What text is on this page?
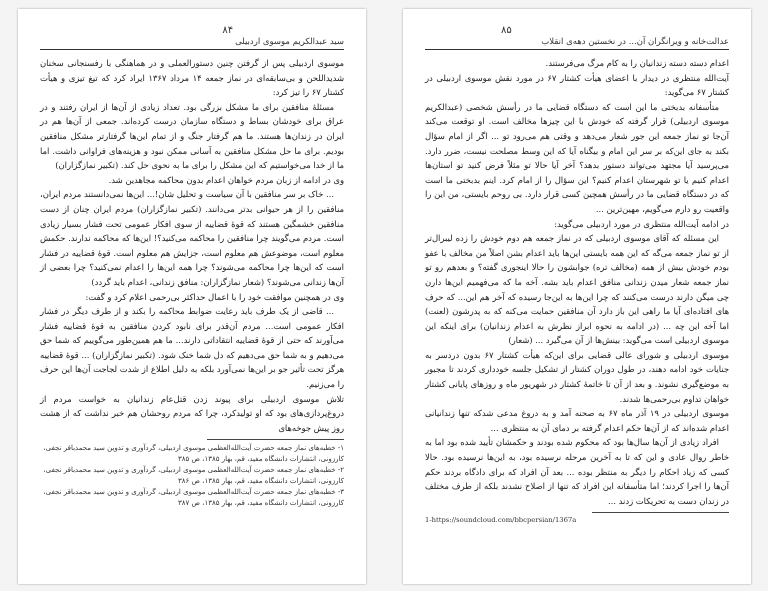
۸۴
سید عبدالکریم موسوی اردبیلی

موسوی اردبیلی پس از گرفتن چنین دستورالعملی و در هماهنگی با رفسنجانی سخنان شدیداللحن و بی‌سابقه‌ای در نماز جمعه ۱۴ مرداد ۱۳۶۷ ایراد کرد که تیغ تیزی و هیأت کشتار ۶۷ را تیز کرد:

مسئلهٔ منافقین برای ما مشکل بزرگی بود. تعداد زیادی از آن‌ها از ایران رفتند و در عراق برای خودشان بساط و دستگاه سازمان درست کرده‌اند. جمعی از آن‌ها هم در ایران در زندان‌ها هستند. ما هم گرفتار جنگ و از تمام این‌ها گرفتارتر مشکل منافقین بودیم. برای ما حل مشکل منافقین به آسانی ممکن نبود و هزینه‌های فراوانی داشت. اما ما از خدا می‌خواستیم که این مشکل را برای ما به نحوی حل کند. (تکبیر نمازگزاران)

وی در ادامه از زبان مردم خواهان اعدام بدون محاکمه مجاهدین شد.

... خاک بر سر منافقین با آن سیاست و تحلیل شان!... این‌ها نمی‌دانستند مردم ایران، منافقین را از هر حیوانی بدتر می‌دانند. (تکبیر نمازگزاران) مردم ایران چنان از دست منافقین خشمگین هستند که قوهٔ قضاییه از سوی افکار عمومی تحت فشار بسیار زیادی است. مردم می‌گویند چرا منافقین را محاکمه می‌کنید؟! این‌ها که محاکمه ندارند. حکمش معلوم است، موضوعش هم معلوم است، جزایش هم معلوم است. قوهٔ قضاییه در فشار است که این‌ها چرا محاکمه می‌شوند؟ چرا همه این‌ها را اعدام نمی‌کنید؟ چرا بعضی از آن‌ها زندانی می‌شوند؟ (شعار نمازگزاران: منافق زندانی، اعدام باید گردد)

وی در همچنین موافقت خود را با اعمال حداکثر بی‌رحمی اعلام کرد و گفت:

... قاضی از یک طرف باید رعایت ضوابط محاکمه را بکند و از طرف دیگر در فشار افکار عمومی است... مردم آن‌قدر برای نابود کردن منافقین به قوهٔ قضاییه فشار می‌آورند که حتی از قوهٔ قضاییه انتقاداتی دارند... ما هم همین‌طور می‌گوییم که شما حق می‌دهیم و به شما حق می‌دهیم که دل شما خنک شود. (تکبیر نمازگزاران) ... قوهٔ قضاییه هرگز تحت تأثیر جو بر این‌ها نمی‌آورد بلکه به دلیل اطلاع از شدت لجاجت آن‌ها این حرف را می‌زنیم.

تلاش موسوی اردبیلی برای پیوند زدن قتل‌عام زندانیان به خواست مردم از دروغ‌پردازی‌های بود که او تولیدکرد، چرا که مردم روحشان هم خبر نداشت که از هشت روز پیش جوخه‌های

۱- خطبه‌های نماز جمعه حضرت آیت‌الله‌العظمی موسوی اردبیلی، گردآوری و تدوین سید محمدباقر نجفی، کارزونی، انتشارات دانشگاه مفید، قم، بهار ۱۳۸۵، ص ۳۸۵

۲- خطبه‌های نماز جمعه حضرت آیت‌الله‌العظمی موسوی اردبیلی، گردآوری و تدوین سید محمدباقر نجفی، کارزونی، انتشارات دانشگاه مفید، قم، بهار ۱۳۸۵، ص ۳۸۶

۳- خطبه‌های نماز جمعه حضرت آیت‌الله‌العظمی موسوی اردبیلی، گردآوری و تدوین سید محمدباقر نجفی، کارزونی، انتشارات دانشگاه مفید، قم، بهار ۱۳۸۵، ص ۳۸۷

۸۵
عدالت‌خانه و ویرانگران آن... در نخستین دهه‌ی انقلاب

اعدام دسته دسته زندانیان را به کام مرگ می‌فرستند.

آیت‌الله منتظری در دیدار با اعضای هیأت کشتار ۶۷ در مورد نقش موسوی اردبیلی در کشتار ۶۷ می‌گوید:

متأسفانه بدبختی ما این است که دستگاه قضایی ما در رأسش شخصی (عبدالکریم موسوی اردبیلی) قرار گرفته که خودش با این چیزها مخالف است. او توقعت می‌کند آن‌جا تو نماز جمعه این جور شعار می‌دهد و وقتی هم می‌رود تو ... اگر از امام سؤال بکند به جای این‌که بر سر این امام و بیگناه آیا که این وسط مصلحت نیست، ضرر دارد. می‌پرسید آیا مجتهد می‌تواند دستور بدهد؟ آخر آیا حالا تو مثلاً فرض کنید تو استان‌ها اعدام کنیم یا تو شهرستان اعدام کنیم؟ این سؤال را از امام کرد. اینم بدبختی ما است که در دستگاه قضایی ما در رأسش همچین کسی قرار دارد. بی روحم بایستی، من این را واقعیت رو دارم می‌گویم، مهین‌ترین ...

در ادامه آیت‌الله منتظری در مورد اردبیلی می‌گوید:

این مسئله که آقای موسوی اردبیلی که در نماز جمعه هم دوم خودش را زده لیبرال‌تر از تو نماز جمعه می‌گه که این همه بایستی این‌ها باید اعدام بشن اصلاً من مخالف با عفو بودم خودش بیش از همه (مخالف تره) جوابشون را حالا اینجوری گفته؟ و بعدهم رو تو نماز جمعه شعار میدن زندانی منافق اعدام باید بشه. آخه ما که می‌فهمیم این‌ها دارن چی میگن دارند درست می‌کنند که چرا این‌ها به این‌جا رسیده که آخر هم این... که حرف های افتاده‌ای آیا ما راهی این باز دارد آن منافقین حمایت می‌کنه که به پدرشون (لعنت) اما آخه این چه ... (در ادامه به نحوه ابراز نظرش به اعدام زندانیان) برای اینکه این موسوی اردبیلی است می‌گوید: بینش‌ها از آن می‌گیرد ... (شعار)

موسوی اردبیلی و شورای عالی قضایی برای این‌که هیأت کشتار ۶۷ بدون دردسر به جنایات خود ادامه دهند، در طول دوران کشتار از تشکیل جلسه خودداری کردند تا مجبور به موضع‌گیری نشوند. و بعد از آن تا خاتمهٔ کشتار در شهریور ماه و روزهای پایانی کشتار خواهان تداوم بی‌رحمی‌ها شدند.

موسوی اردبیلی در ۱۹ آذر ماه ۶۷ به صحنه آمد و به دروغ مدعی شدکه تنها زندانیانی اعدام شده‌اند که از آن‌ها حکم اعدام گرفته بر دمای آن به منتظری ...

افراد زیادی از آن‌ها سال‌ها بود که محکوم شده بودند و حکمشان تأیید شده بود اما به خاطر روال عادی و این که تا به آخرین مرحله نرسیده بود، به این‌ها نرسیده بود. حالا کسی که زیاد احکام را دیگر به منتظر بوده ... بعد آن افراد که برای دادگاه بردند حکم آن‌ها را اجرا کردند؛ اما متأسفانه این افراد که تنها از اصلاح نشدند بلکه از طرف مختلف در زندان دست به تحریکات زدند ...

1-https://soundcloud.com/bbcpersian/1367a
